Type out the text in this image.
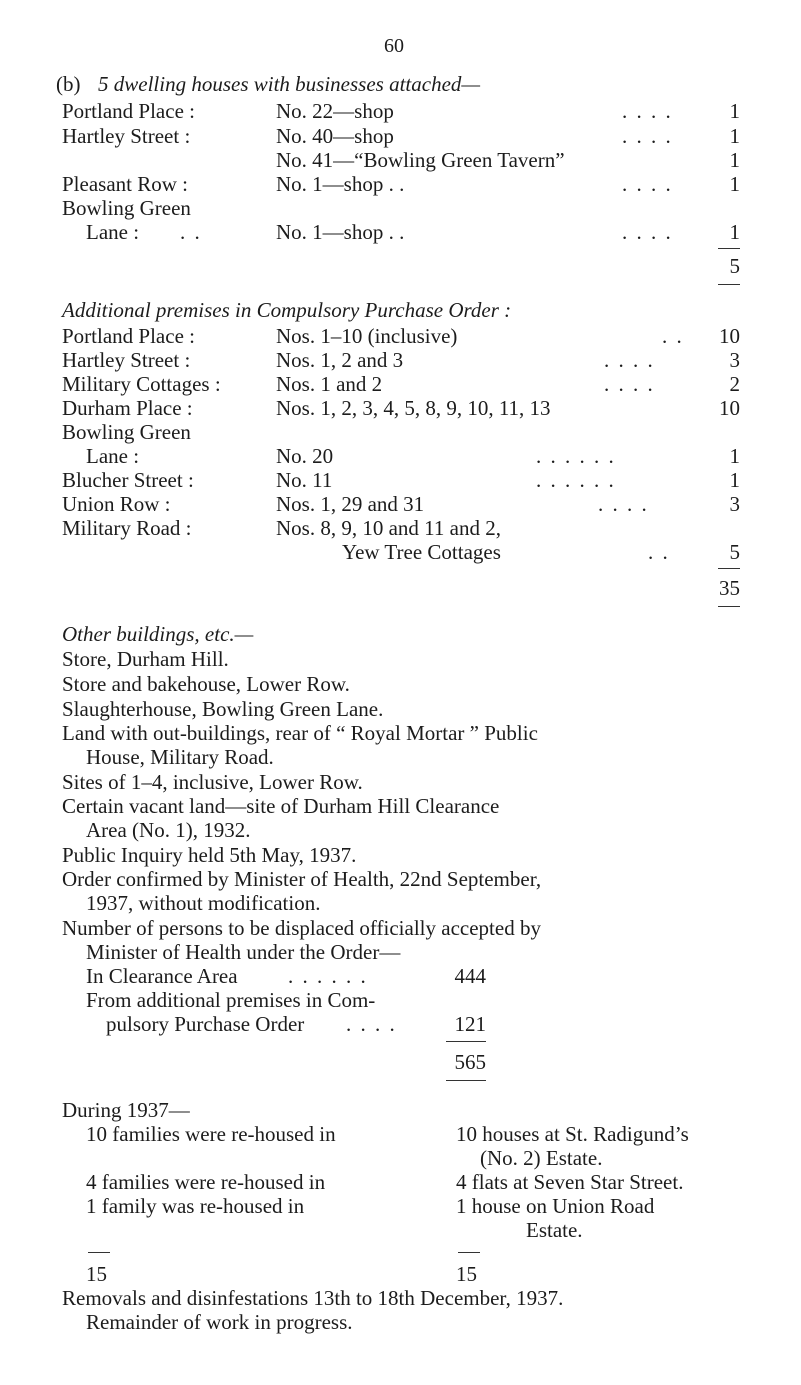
60
(b) 5 dwelling houses with businesses attached—
Portland Place :	No. 22—shop	. . . .	1
Hartley Street :	No. 40—shop	. . . .	1
No. 41—“Bowling Green Tavern”	1
Pleasant Row :	No. 1—shop . .	. . . .	1
Bowling Green
Lane : . .	No. 1—shop . .	. . . .	1
5
Additional premises in Compulsory Purchase Order :
Portland Place :	Nos. 1–10 (inclusive)	. .	10
Hartley Street :	Nos. 1, 2 and 3	. . . .	3
Military Cottages :	Nos. 1 and 2	. . . .	2
Durham Place :	Nos. 1, 2, 3, 4, 5, 8, 9, 10, 11, 13	10
Bowling Green
Lane :	No. 20	. . . . . .	1
Blucher Street :	No. 11	. . . . . .	1
Union Row :	Nos. 1, 29 and 31	. . . .	3
Military Road :	Nos. 8, 9, 10 and 11 and 2,
Yew Tree Cottages	. .	5
35
Other buildings, etc.—
Store, Durham Hill.
Store and bakehouse, Lower Row.
Slaughterhouse, Bowling Green Lane.
Land with out-buildings, rear of “ Royal Mortar ” Public
House, Military Road.
Sites of 1–4, inclusive, Lower Row.
Certain vacant land—site of Durham Hill Clearance
Area (No. 1), 1932.
Public Inquiry held 5th May, 1937.
Order confirmed by Minister of Health, 22nd September,
1937, without modification.
Number of persons to be displaced officially accepted by
Minister of Health under the Order—
In Clearance Area . . . . . .	444
From additional premises in Com-
pulsory Purchase Order . . . .	121
565
During 1937—
10 families were re-housed in	10 houses at St. Radigund’s
(No. 2) Estate.
4 families were re-housed in	4 flats at Seven Star Street.
1 family was re-housed in	1 house on Union Road
Estate.
15	15
Removals and disinfestations 13th to 18th December, 1937.
Remainder of work in progress.
